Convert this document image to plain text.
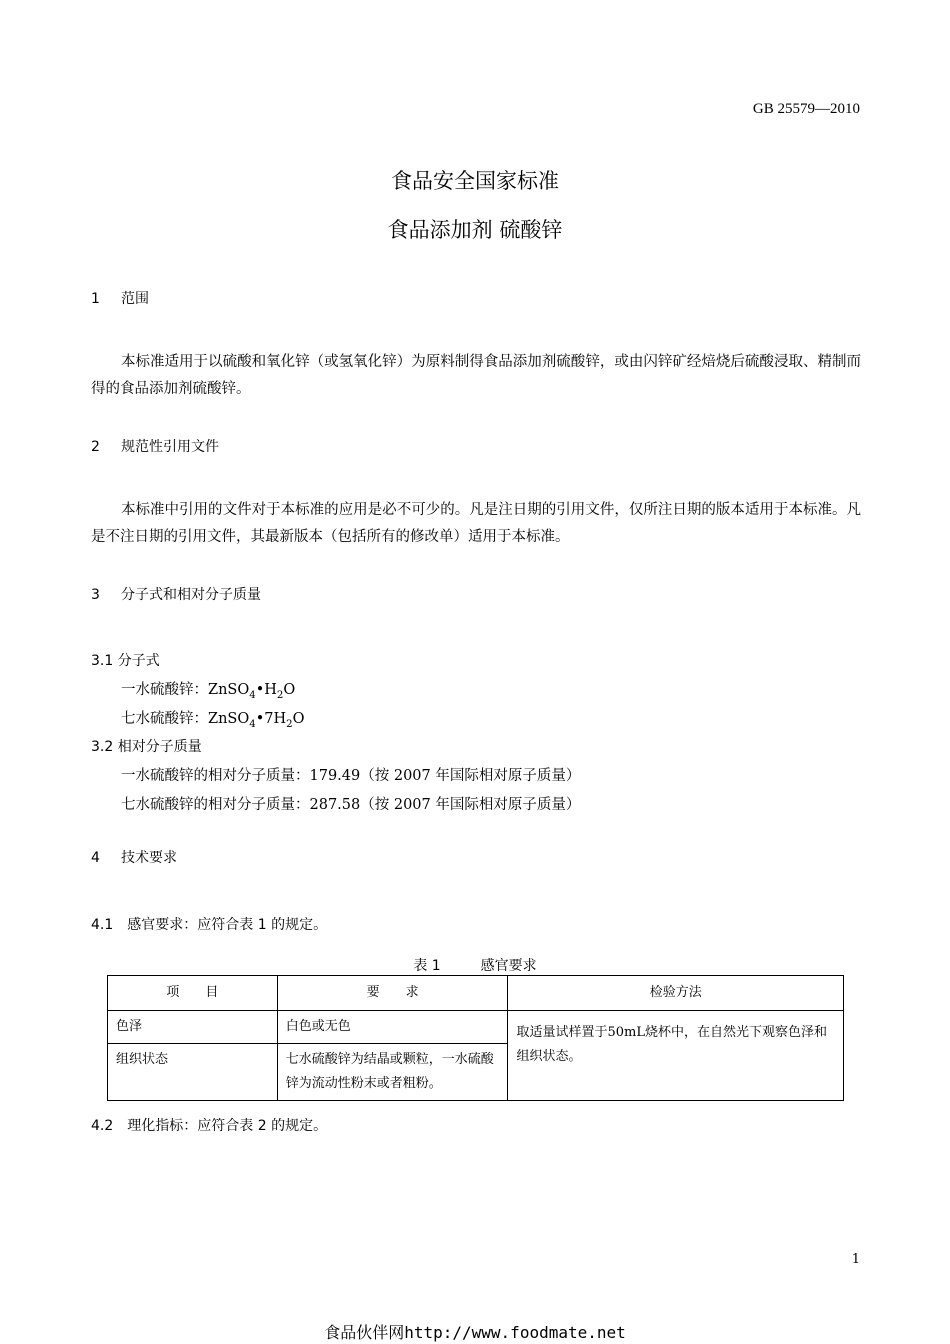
GB 25579—2010
食品安全国家标准
食品添加剂 硫酸锌
1 范围
本标准适用于以硫酸和氧化锌（或氢氧化锌）为原料制得食品添加剂硫酸锌，或由闪锌矿经焙烧后硫酸浸取、精制而得的食品添加剂硫酸锌。
2 规范性引用文件
本标准中引用的文件对于本标准的应用是必不可少的。凡是注日期的引用文件，仅所注日期的版本适用于本标准。凡是不注日期的引用文件，其最新版本（包括所有的修改单）适用于本标准。
3 分子式和相对分子质量
3.1 分子式
一水硫酸锌：$ZnSO_4•H_2O$
七水硫酸锌：$ZnSO_4•7H_2O$
3.2 相对分子质量
一水硫酸锌的相对分子质量：179.49（按 2007 年国际相对原子质量）
七水硫酸锌的相对分子质量：287.58（按 2007 年国际相对原子质量）
4 技术要求
4.1　感官要求：应符合表 1 的规定。
表 1	感官要求
项　　目	要　　求	检验方法
色泽	白色或无色	取适量试样置于50mL烧杯中，在自然光下观察色泽和组织状态。
组织状态	七水硫酸锌为结晶或颗粒，一水硫酸锌为流动性粉末或者粗粉。	
4.2　理化指标：应符合表 2 的规定。
1
食品伙伴网http://www.foodmate.net
